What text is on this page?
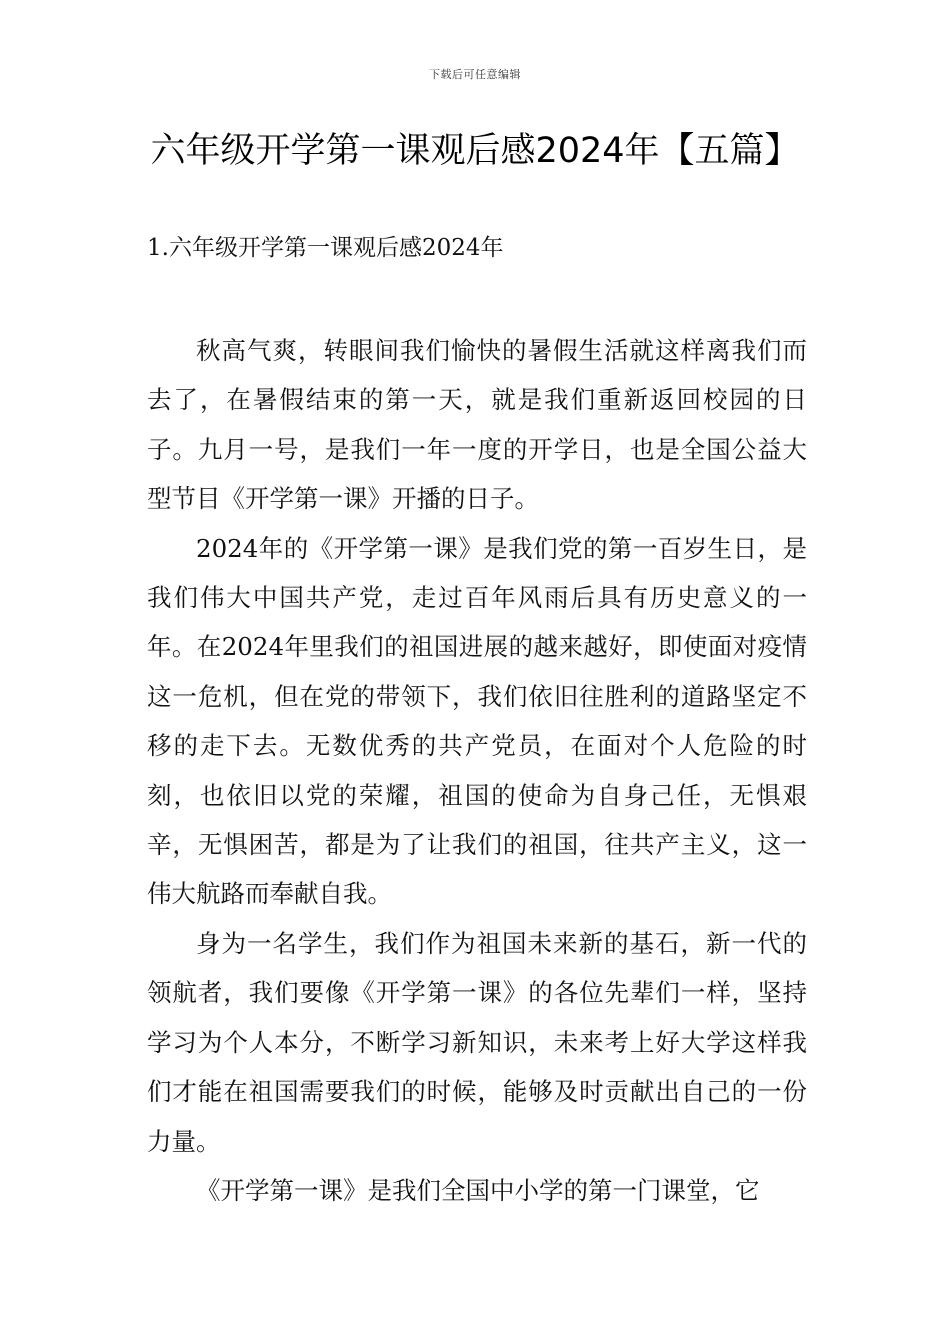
下载后可任意编辑
六年级开学第一课观后感2024年【五篇】
1.六年级开学第一课观后感2024年

秋高气爽，转眼间我们愉快的暑假生活就这样离我们而去了，在暑假结束的第一天，就是我们重新返回校园的日子。九月一号，是我们一年一度的开学日，也是全国公益大型节目《开学第一课》开播的日子。

2024年的《开学第一课》是我们党的第一百岁生日，是我们伟大中国共产党，走过百年风雨后具有历史意义的一年。在2024年里我们的祖国进展的越来越好，即使面对疫情这一危机，但在党的带领下，我们依旧往胜利的道路坚定不移的走下去。无数优秀的共产党员，在面对个人危险的时刻，也依旧以党的荣耀，祖国的使命为自身己任，无惧艰辛，无惧困苦，都是为了让我们的祖国，往共产主义，这一伟大航路而奉献自我。

身为一名学生，我们作为祖国未来新的基石，新一代的领航者，我们要像《开学第一课》的各位先辈们一样，坚持学习为个人本分，不断学习新知识，未来考上好大学这样我们才能在祖国需要我们的时候，能够及时贡献出自己的一份力量。

《开学第一课》是我们全国中小学的第一门课堂，它
